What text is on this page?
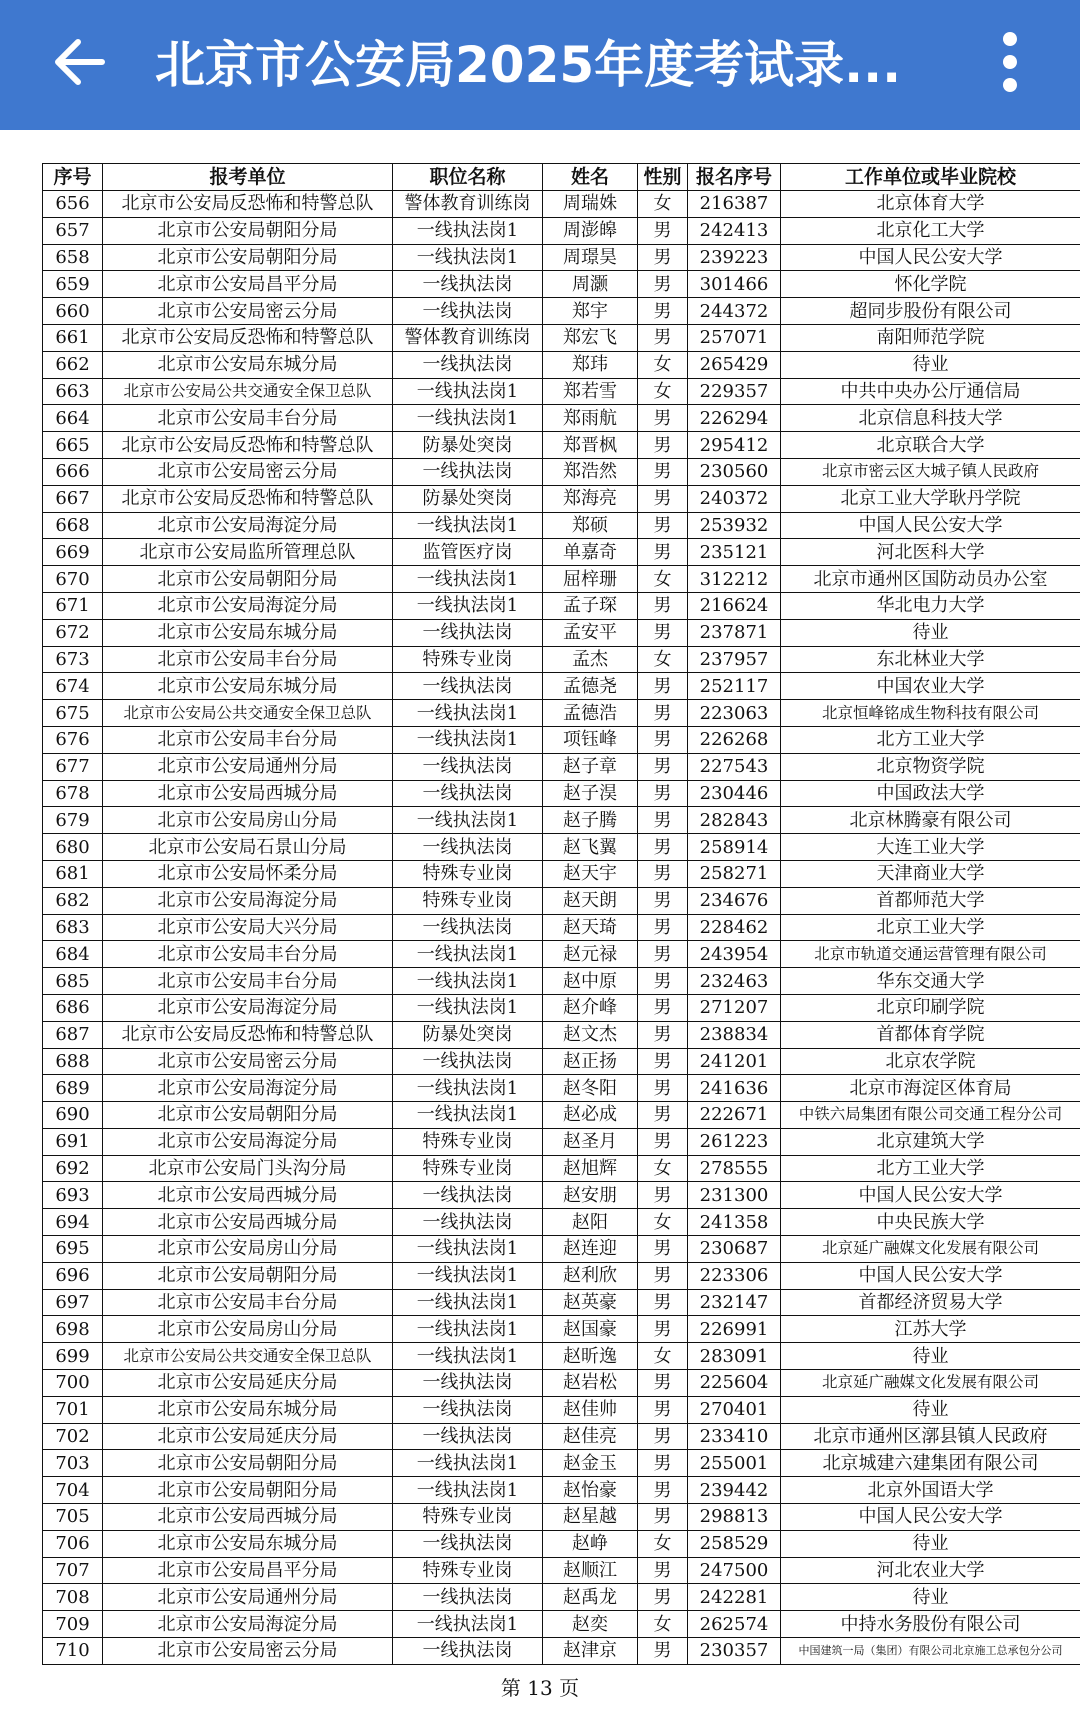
北京市公安局2025年度考试录...
序号	报考单位	职位名称	姓名	性别	报名序号	工作单位或毕业院校
656	北京市公安局反恐怖和特警总队	警体教育训练岗	周瑞姝	女	216387	北京体育大学
657	北京市公安局朝阳分局	一线执法岗1	周澎皞	男	242413	北京化工大学
658	北京市公安局朝阳分局	一线执法岗1	周璟昊	男	239223	中国人民公安大学
659	北京市公安局昌平分局	一线执法岗	周灏	男	301466	怀化学院
660	北京市公安局密云分局	一线执法岗	郑宇	男	244372	超同步股份有限公司
661	北京市公安局反恐怖和特警总队	警体教育训练岗	郑宏飞	男	257071	南阳师范学院
662	北京市公安局东城分局	一线执法岗	郑玮	女	265429	待业
663	北京市公安局公共交通安全保卫总队	一线执法岗1	郑若雪	女	229357	中共中央办公厅通信局
664	北京市公安局丰台分局	一线执法岗1	郑雨航	男	226294	北京信息科技大学
665	北京市公安局反恐怖和特警总队	防暴处突岗	郑晋枫	男	295412	北京联合大学
666	北京市公安局密云分局	一线执法岗	郑浩然	男	230560	北京市密云区大城子镇人民政府
667	北京市公安局反恐怖和特警总队	防暴处突岗	郑海亮	男	240372	北京工业大学耿丹学院
668	北京市公安局海淀分局	一线执法岗1	郑硕	男	253932	中国人民公安大学
669	北京市公安局监所管理总队	监管医疗岗	单嘉奇	男	235121	河北医科大学
670	北京市公安局朝阳分局	一线执法岗1	屈梓珊	女	312212	北京市通州区国防动员办公室
671	北京市公安局海淀分局	一线执法岗1	孟子琛	男	216624	华北电力大学
672	北京市公安局东城分局	一线执法岗	孟安平	男	237871	待业
673	北京市公安局丰台分局	特殊专业岗	孟杰	女	237957	东北林业大学
674	北京市公安局东城分局	一线执法岗	孟德尧	男	252117	中国农业大学
675	北京市公安局公共交通安全保卫总队	一线执法岗1	孟德浩	男	223063	北京恒峰铭成生物科技有限公司
676	北京市公安局丰台分局	一线执法岗1	项钰峰	男	226268	北方工业大学
677	北京市公安局通州分局	一线执法岗	赵子章	男	227543	北京物资学院
678	北京市公安局西城分局	一线执法岗	赵子淏	男	230446	中国政法大学
679	北京市公安局房山分局	一线执法岗1	赵子腾	男	282843	北京林腾豪有限公司
680	北京市公安局石景山分局	一线执法岗	赵飞翼	男	258914	大连工业大学
681	北京市公安局怀柔分局	特殊专业岗	赵天宇	男	258271	天津商业大学
682	北京市公安局海淀分局	特殊专业岗	赵天朗	男	234676	首都师范大学
683	北京市公安局大兴分局	一线执法岗	赵天琦	男	228462	北京工业大学
684	北京市公安局丰台分局	一线执法岗1	赵元禄	男	243954	北京市轨道交通运营管理有限公司
685	北京市公安局丰台分局	一线执法岗1	赵中原	男	232463	华东交通大学
686	北京市公安局海淀分局	一线执法岗1	赵介峰	男	271207	北京印刷学院
687	北京市公安局反恐怖和特警总队	防暴处突岗	赵文杰	男	238834	首都体育学院
688	北京市公安局密云分局	一线执法岗	赵正扬	男	241201	北京农学院
689	北京市公安局海淀分局	一线执法岗1	赵冬阳	男	241636	北京市海淀区体育局
690	北京市公安局朝阳分局	一线执法岗1	赵必成	男	222671	中铁六局集团有限公司交通工程分公司
691	北京市公安局海淀分局	特殊专业岗	赵圣月	男	261223	北京建筑大学
692	北京市公安局门头沟分局	特殊专业岗	赵旭辉	女	278555	北方工业大学
693	北京市公安局西城分局	一线执法岗	赵安朋	男	231300	中国人民公安大学
694	北京市公安局西城分局	一线执法岗	赵阳	女	241358	中央民族大学
695	北京市公安局房山分局	一线执法岗1	赵连迎	男	230687	北京延广融媒文化发展有限公司
696	北京市公安局朝阳分局	一线执法岗1	赵利欣	男	223306	中国人民公安大学
697	北京市公安局丰台分局	一线执法岗1	赵英豪	男	232147	首都经济贸易大学
698	北京市公安局房山分局	一线执法岗1	赵国豪	男	226991	江苏大学
699	北京市公安局公共交通安全保卫总队	一线执法岗1	赵昕逸	女	283091	待业
700	北京市公安局延庆分局	一线执法岗	赵岩松	男	225604	北京延广融媒文化发展有限公司
701	北京市公安局东城分局	一线执法岗	赵佳帅	男	270401	待业
702	北京市公安局延庆分局	一线执法岗	赵佳亮	男	233410	北京市通州区漷县镇人民政府
703	北京市公安局朝阳分局	一线执法岗1	赵金玉	男	255001	北京城建六建集团有限公司
704	北京市公安局朝阳分局	一线执法岗1	赵怡豪	男	239442	北京外国语大学
705	北京市公安局西城分局	特殊专业岗	赵星越	男	298813	中国人民公安大学
706	北京市公安局东城分局	一线执法岗	赵峥	女	258529	待业
707	北京市公安局昌平分局	特殊专业岗	赵顺江	男	247500	河北农业大学
708	北京市公安局通州分局	一线执法岗	赵禹龙	男	242281	待业
709	北京市公安局海淀分局	一线执法岗1	赵奕	女	262574	中持水务股份有限公司
710	北京市公安局密云分局	一线执法岗	赵津京	男	230357	中国建筑一局（集团）有限公司北京施工总承包分公司
第 13 页
